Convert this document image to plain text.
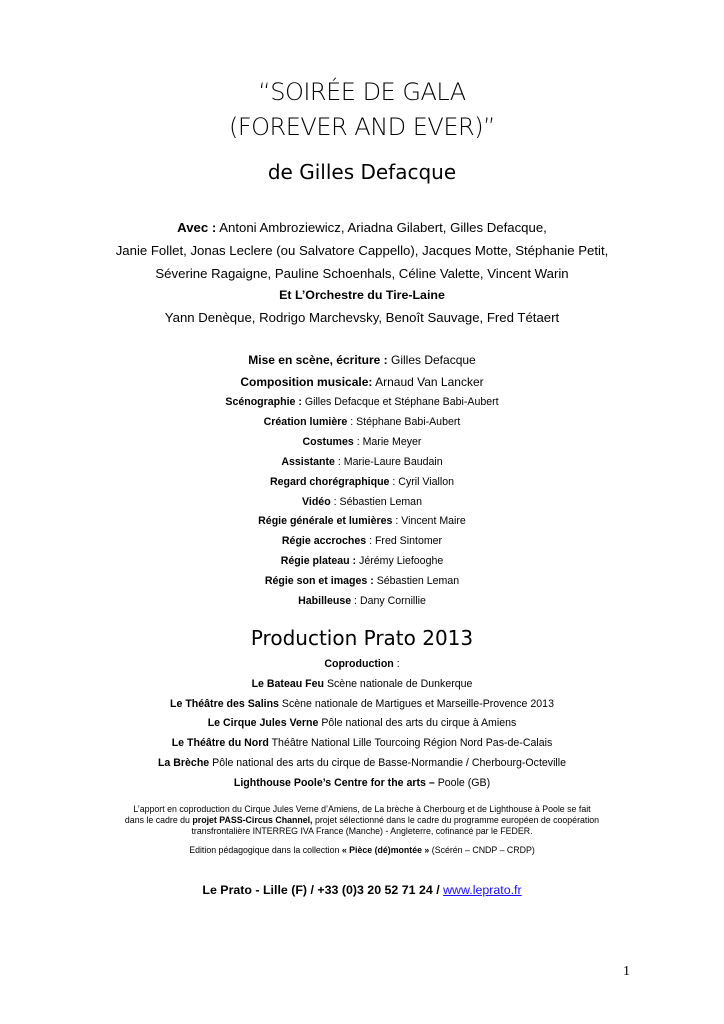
“SOIRÉE DE GALA
(FOREVER AND EVER)”
de Gilles Defacque
Avec : Antoni Ambroziewicz, Ariadna Gilabert, Gilles Defacque,
Janie Follet, Jonas Leclere (ou Salvatore Cappello), Jacques Motte, Stéphanie Petit,
Séverine Ragaigne, Pauline Schoenhals, Céline Valette, Vincent Warin
Et L’Orchestre du Tire-Laine
Yann Denèque, Rodrigo Marchevsky, Benoît Sauvage, Fred Tétaert
Mise en scène, écriture : Gilles Defacque
Composition musicale: Arnaud Van Lancker
Scénographie : Gilles Defacque et Stéphane Babi-Aubert
Création lumière : Stéphane Babi-Aubert
Costumes : Marie Meyer
Assistante : Marie-Laure Baudain
Regard chorégraphique : Cyril Viallon
Vidéo : Sébastien Leman
Régie générale et lumières : Vincent Maire
Régie accroches : Fred Sintomer
Régie plateau : Jérémy Liefooghe
Régie son et images : Sébastien Leman
Habilleuse : Dany Cornillie
Production Prato 2013
Coproduction :
Le Bateau Feu Scène nationale de Dunkerque
Le Théâtre des Salins Scène nationale de Martigues et Marseille-Provence 2013
Le Cirque Jules Verne Pôle national des arts du cirque à Amiens
Le Théâtre du Nord Théâtre National Lille Tourcoing Région Nord Pas-de-Calais
La Brèche Pôle national des arts du cirque de Basse-Normandie / Cherbourg-Octeville
Lighthouse Poole’s Centre for the arts – Poole (GB)
L’apport en coproduction du Cirque Jules Verne d’Amiens, de La brèche à Cherbourg et de Lighthouse à Poole se fait
dans le cadre du projet PASS-Circus Channel, projet sélectionné dans le cadre du programme européen de coopération
transfrontalière INTERREG IVA France (Manche) - Angleterre, cofinancé par le FEDER.
Edition pédagogique dans la collection « Pièce (dé)montée » (Scérén – CNDP – CRDP)
Le Prato - Lille (F) / +33 (0)3 20 52 71 24 / www.leprato.fr
1
